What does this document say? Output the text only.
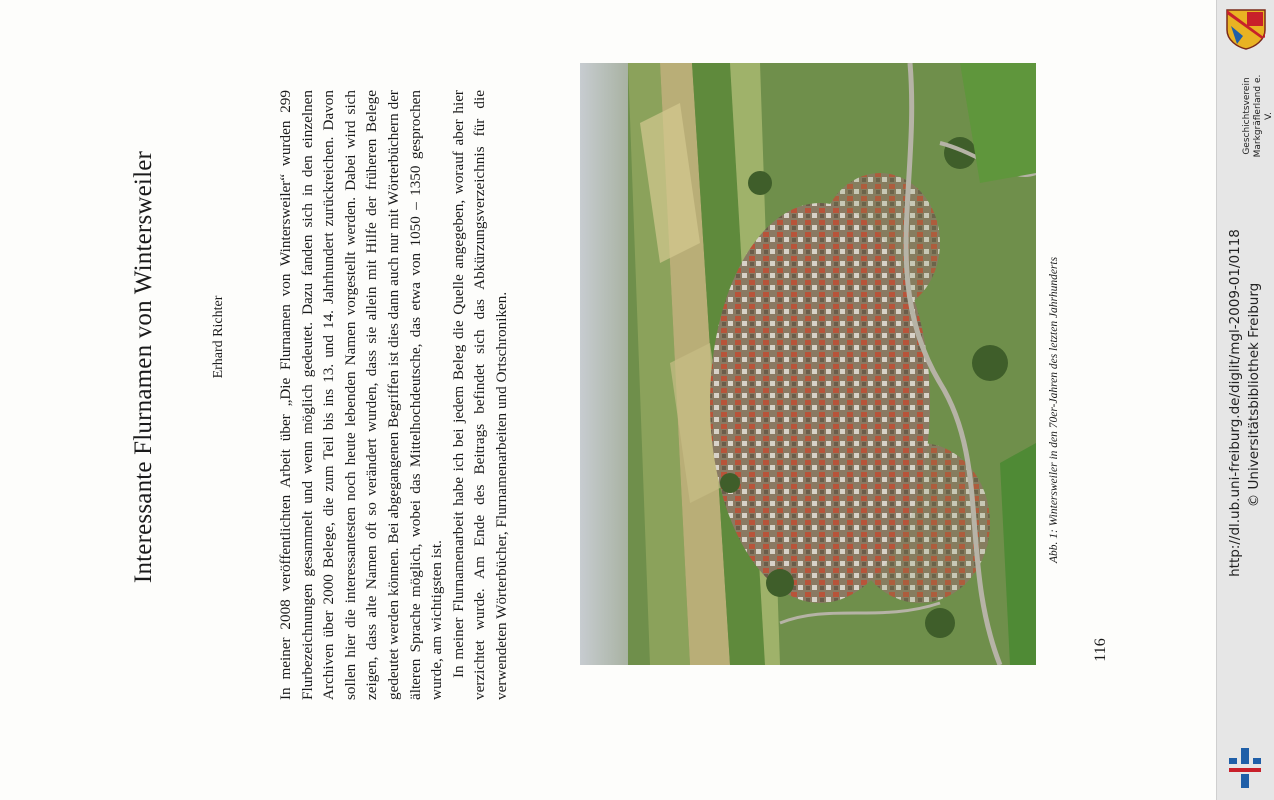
Interessante Flurnamen von Wintersweiler	Erhard Richter	In meiner 2008 veröffentlichten Arbeit über „Die Flurnamen von Wintersweiler“ wurden 299 Flurbezeichnungen gesammelt und wenn möglich gedeutet. Dazu fanden sich in den einzelnen Archiven über 2000 Belege, die zum Teil bis ins 13. und 14. Jahrhundert zurückreichen. Davon sollen hier die interessantesten noch heute lebenden Namen vorgestellt werden. Dabei wird sich zeigen, dass alte Namen oft so verändert wurden, dass sie allein mit Hilfe der früheren Belege gedeutet werden können. Bei abgegangenen Begriffen ist dies dann auch nur mit Wörterbüchern der älteren Sprache möglich, wobei das Mittelhochdeutsche, das etwa von 1050 – 1350 gesprochen wurde, am wichtigsten ist. In meiner Flurnamenarbeit habe ich bei jedem Beleg die Quelle angegeben, worauf aber hier verzichtet wurde. Am Ende des Beitrags befindet sich das Abkürzungsverzeichnis für die verwendeten Wörterbücher, Flurnamenarbeiten und Ortschroniken.	Abb. 1: Wintersweiler in den 70er-Jahren des letzten Jahrhunderts
116
Geschichtsverein Markgräflerland e. V.
http://dl.ub.uni-freiburg.de/diglit/mgl-2009-01/0118 © Universitätsbibliothek Freiburg
